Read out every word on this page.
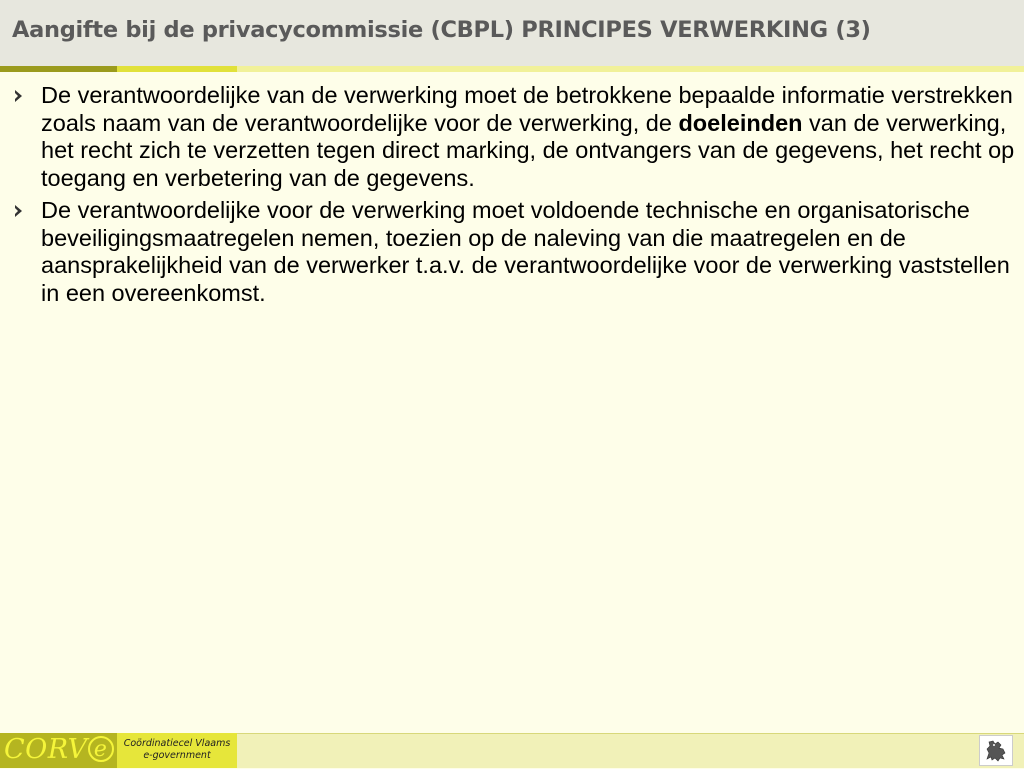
Aangifte bij de privacycommissie (CBPL) PRINCIPES VERWERKING (3)
De verantwoordelijke van de verwerking moet de betrokkene bepaalde informatie verstrekken zoals naam van de verantwoordelijke voor de verwerking, de doeleinden van de verwerking, het recht zich te verzetten tegen direct marking, de ontvangers van de gegevens, het recht op toegang en verbetering van de gegevens.
De verantwoordelijke voor de verwerking moet voldoende technische en organisatorische beveiligingsmaatregelen nemen, toezien op de naleving van die maatregelen en de aansprakelijkheid van de verwerker t.a.v. de verantwoordelijke voor de verwerking vaststellen in een overeenkomst.
CORV e	Coördinatiecel Vlaams
e-government
